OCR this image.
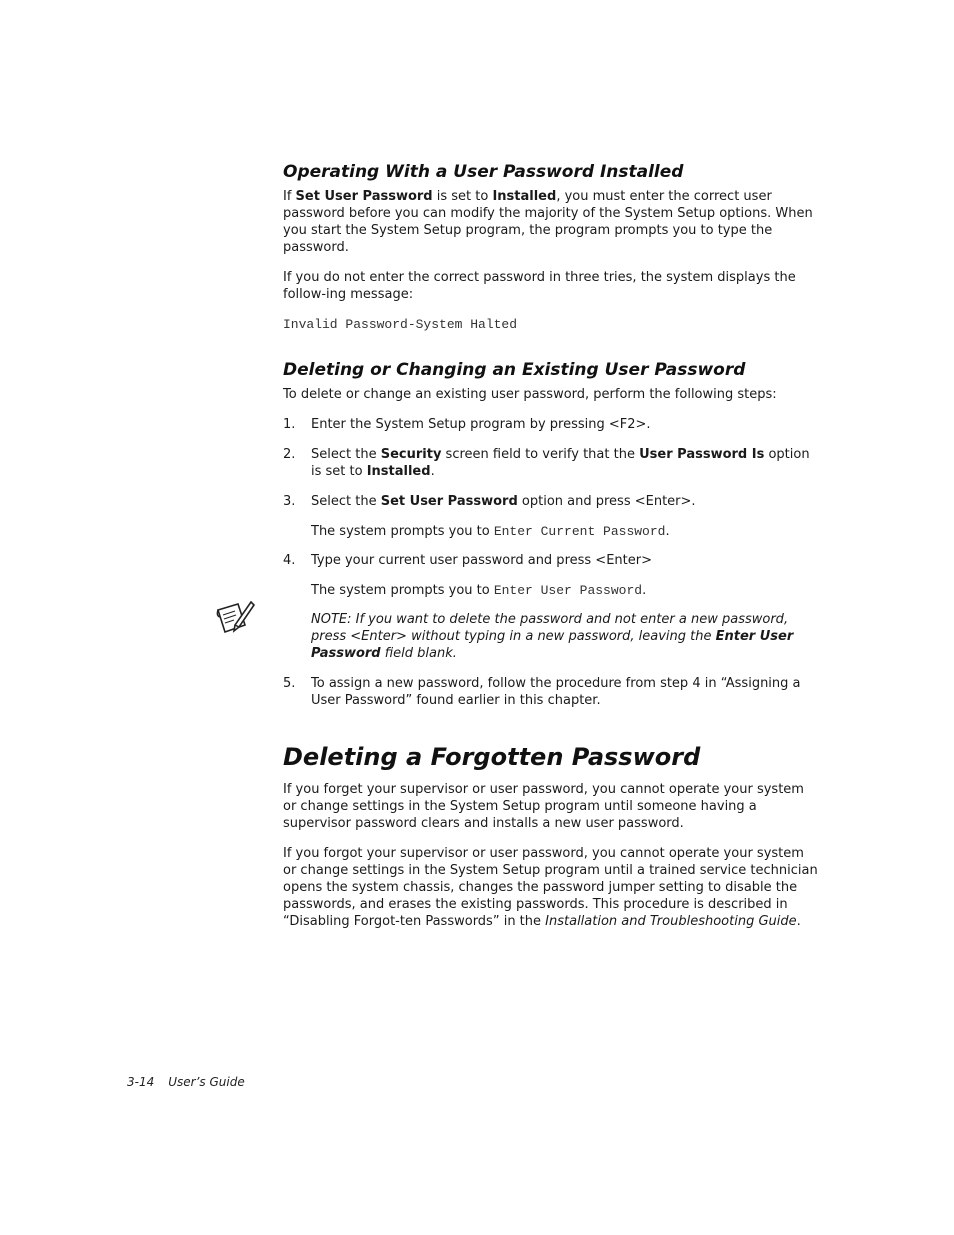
Operating With a User Password Installed

If Set User Password is set to Installed, you must enter the correct user password before you can modify the majority of the System Setup options. When you start the System Setup program, the program prompts you to type the password.

If you do not enter the correct password in three tries, the system displays the follow-ing message:

Invalid Password-System Halted

Deleting or Changing an Existing User Password

To delete or change an existing user password, perform the following steps:

1. Enter the System Setup program by pressing <F2>.

2. Select the Security screen field to verify that the User Password Is option is set to Installed.

3. Select the Set User Password option and press <Enter>.

The system prompts you to Enter Current Password.

4. Type your current user password and press <Enter>

The system prompts you to Enter User Password.

NOTE: If you want to delete the password and not enter a new password, press <Enter> without typing in a new password, leaving the Enter User Password field blank.

5. To assign a new password, follow the procedure from step 4 in “Assigning a User Password” found earlier in this chapter.

Deleting a Forgotten Password

If you forget your supervisor or user password, you cannot operate your system or change settings in the System Setup program until someone having a supervisor password clears and installs a new user password.

If you forgot your supervisor or user password, you cannot operate your system or change settings in the System Setup program until a trained service technician opens the system chassis, changes the password jumper setting to disable the passwords, and erases the existing passwords. This procedure is described in “Disabling Forgot-ten Passwords” in the Installation and Troubleshooting Guide.

3-14 User’s Guide
